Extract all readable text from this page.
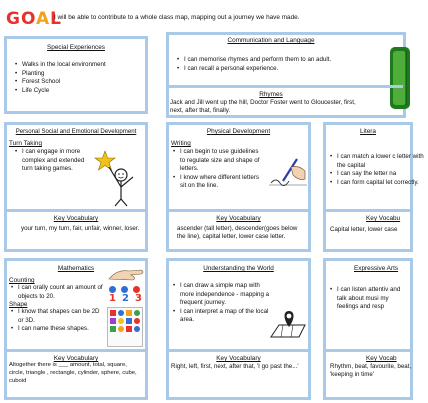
GOAL
I will be able to contribute to a whole class map, mapping out a journey we have made.
Special Experiences
• Walks in the local environment
• Planting
• Forest School
• Life Cycle
Communication and Language
• I can memorise rhymes and perform them to an adult.
• I can recall a personal experience.
Rhymes
Jack and Jill went up the hill, Doctor Foster went to Gloucester, first, next, after that, finally.
Personal Social and Emotional Development
Turn Taking
• I can engage in more complex and extended turn taking games.
Key Vocabulary
your turn, my turn, fair, unfair, winner, loser.
Physical Development
Writing
• I can begin to use guidelines to regulate size and shape of letters.
• I know where different letters sit on the line.
Key Vocabulary
ascender (tall letter), descender(goes below the line), capital letter, lower case letter.
Litera
• I can match a lower c letter with the capital
• I can say the letter na
• I can form capital let correctly.
Key Vocabu
Capital letter, lower case
Mathematics
Counting
• I can orally count an amount of objects to 20.
Shape
• I know that shapes can be 2D or 3D.
• I can name these shapes.
1 2 3
Key Vocabulary
Altogether there is ___ amount, total, square, circle, triangle , rectangle, cylinder, sphere, cube, cuboid
Understanding the World
• I can draw a simple map with more independence - mapping a frequent journey.
• I can interpret a map of the local area.
Key Vocabulary
Right, left, first, next, after that, 'I go past the...'
Expressive Arts
• I can listen attentiv and talk about musi my feelings and resp
Key Vocab
Rhythm, beat, favourite, beat, 'keeping in time'
